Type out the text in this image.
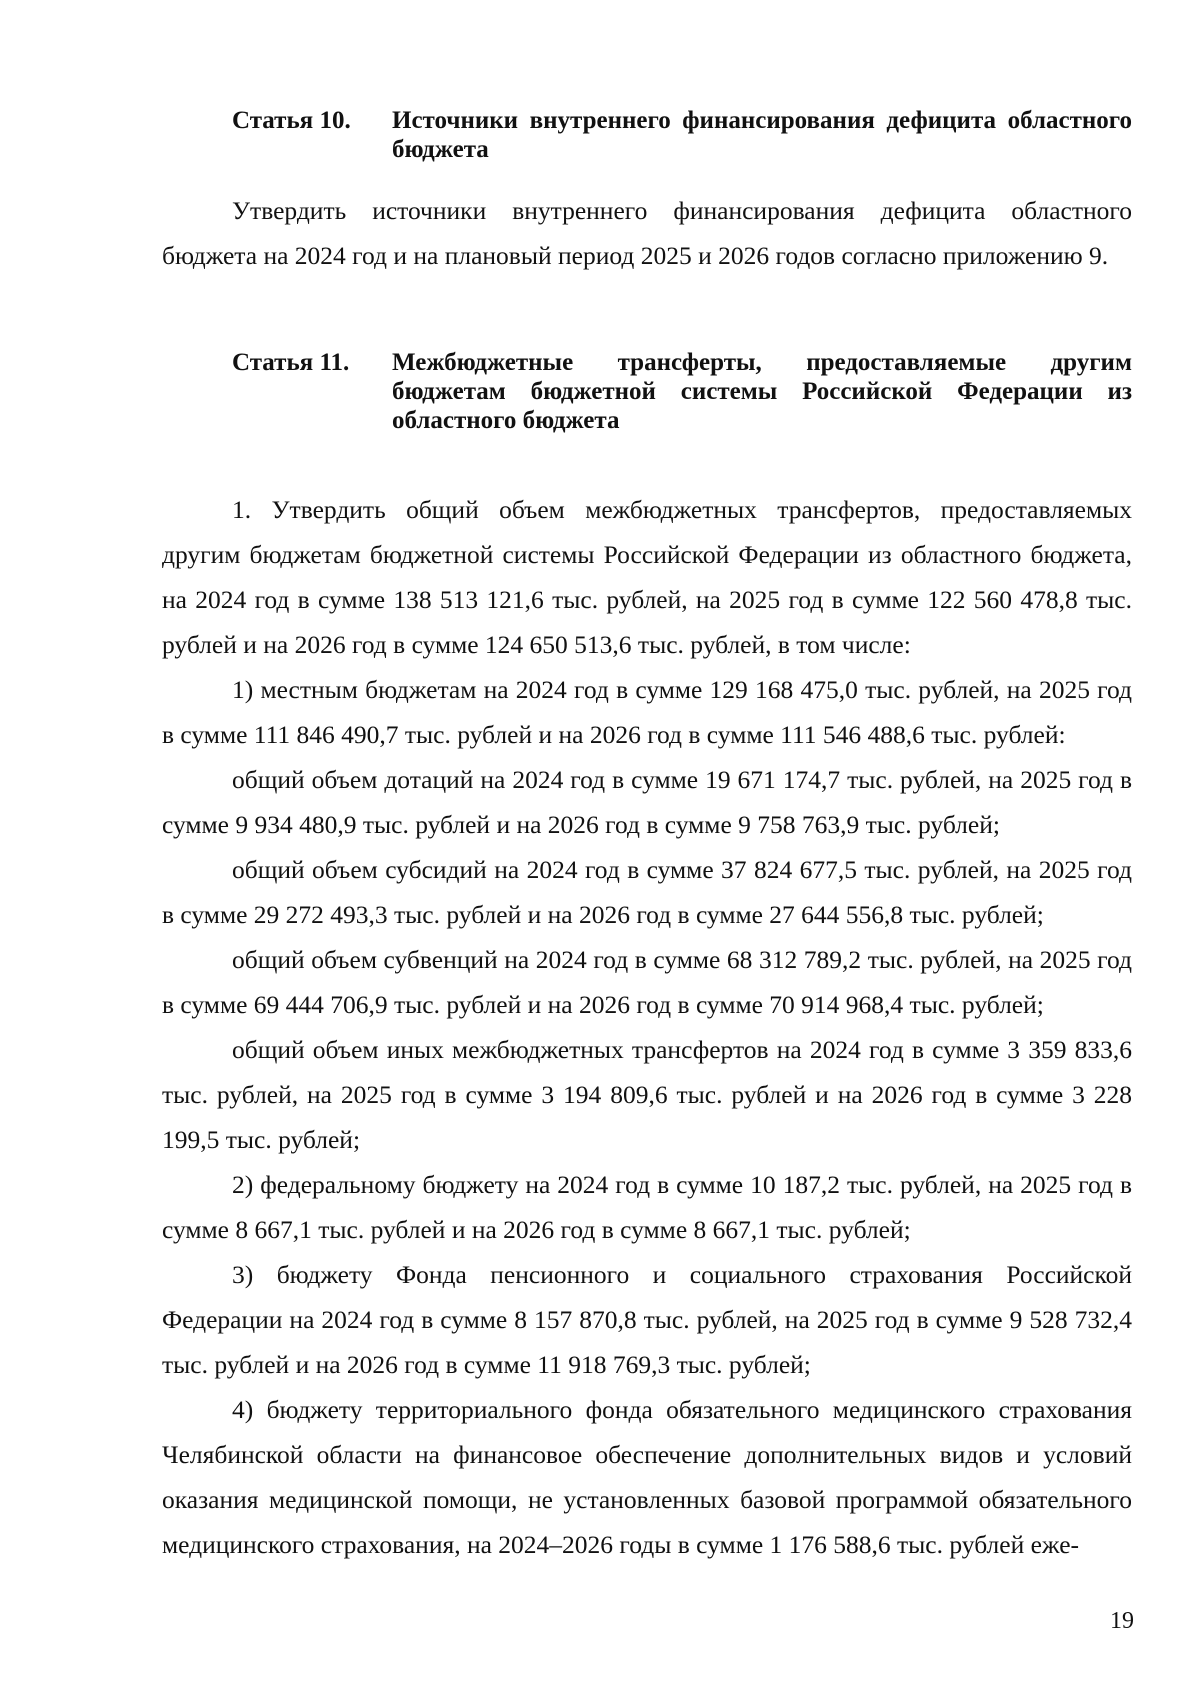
Статья 10.	Источники внутреннего финансирования дефицита областного бюджета

Утвердить источники внутреннего финансирования дефицита областного бюджета на 2024 год и на плановый период 2025 и 2026 годов согласно приложению 9.

Статья 11.	Межбюджетные трансферты, предоставляемые другим бюджетам бюджетной системы Российской Федерации из областного бюджета

1. Утвердить общий объем межбюджетных трансфертов, предоставляемых другим бюджетам бюджетной системы Российской Федерации из областного бюджета, на 2024 год в сумме 138 513 121,6 тыс. рублей, на 2025 год в сумме 122 560 478,8 тыс. рублей и на 2026 год в сумме 124 650 513,6 тыс. рублей, в том числе:

1) местным бюджетам на 2024 год в сумме 129 168 475,0 тыс. рублей, на 2025 год в сумме 111 846 490,7 тыс. рублей и на 2026 год в сумме 111 546 488,6 тыс. рублей:

общий объем дотаций на 2024 год в сумме 19 671 174,7 тыс. рублей, на 2025 год в сумме 9 934 480,9 тыс. рублей и на 2026 год в сумме 9 758 763,9 тыс. рублей;

общий объем субсидий на 2024 год в сумме 37 824 677,5 тыс. рублей, на 2025 год в сумме 29 272 493,3 тыс. рублей и на 2026 год в сумме 27 644 556,8 тыс. рублей;

общий объем субвенций на 2024 год в сумме 68 312 789,2 тыс. рублей, на 2025 год в сумме 69 444 706,9 тыс. рублей и на 2026 год в сумме 70 914 968,4 тыс. рублей;

общий объем иных межбюджетных трансфертов на 2024 год в сумме 3 359 833,6 тыс. рублей, на 2025 год в сумме 3 194 809,6 тыс. рублей и на 2026 год в сумме 3 228 199,5 тыс. рублей;

2) федеральному бюджету на 2024 год в сумме 10 187,2 тыс. рублей, на 2025 год в сумме 8 667,1 тыс. рублей и на 2026 год в сумме 8 667,1 тыс. рублей;

3) бюджету Фонда пенсионного и социального страхования Российской Федерации на 2024 год в сумме 8 157 870,8 тыс. рублей, на 2025 год в сумме 9 528 732,4 тыс. рублей и на 2026 год в сумме 11 918 769,3 тыс. рублей;

4) бюджету территориального фонда обязательного медицинского страхования Челябинской области на финансовое обеспечение дополнительных видов и условий оказания медицинской помощи, не установленных базовой программой обязательного медицинского страхования, на 2024–2026 годы в сумме 1 176 588,6 тыс. рублей еже-

19
